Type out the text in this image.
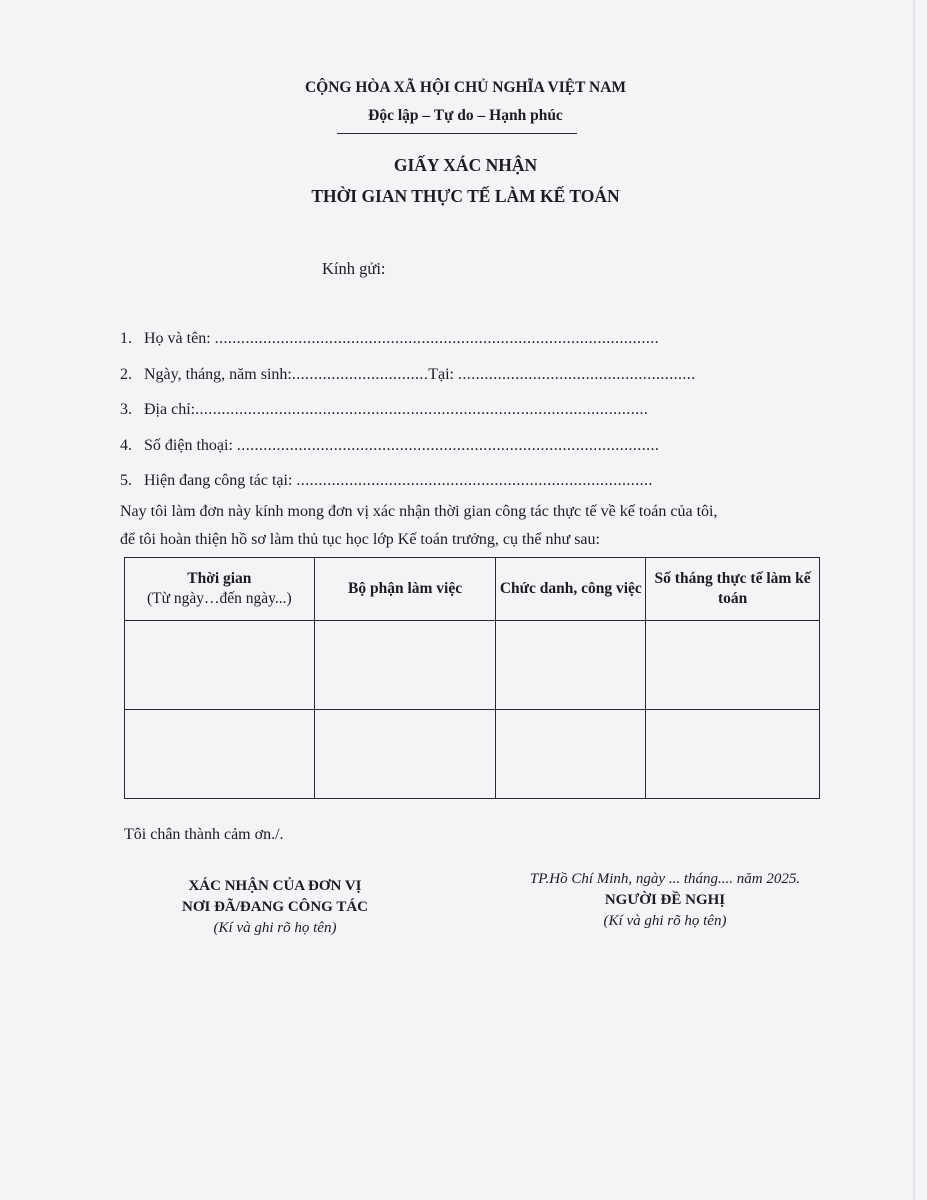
CỘNG HÒA XÃ HỘI CHỦ NGHĨA VIỆT NAM
Độc lập – Tự do – Hạnh phúc
GIẤY XÁC NHẬN
THỜI GIAN THỰC TẾ LÀM KẾ TOÁN
Kính gửi:
1. Họ và tên: .....................................................................................................
2. Ngày, tháng, năm sinh:...............................Tại: ......................................................
3. Địa chỉ:.......................................................................................................
4. Số điện thoại: ................................................................................................
5. Hiện đang công tác tại: .................................................................................
Nay tôi làm đơn này kính mong đơn vị xác nhận thời gian công tác thực tế về kế toán của tôi,
để tôi hoàn thiện hồ sơ làm thủ tục học lớp Kế toán trưởng, cụ thể như sau:
Thời gian
(Từ ngày…đến ngày...)	Bộ phận làm việc	Chức danh, công việc	Số tháng thực tế làm kế toán

Tôi chân thành cảm ơn./.
XÁC NHẬN CỦA ĐƠN VỊ
NƠI ĐÃ/ĐANG CÔNG TÁC
(Kí và ghi rõ họ tên)
TP.Hồ Chí Minh, ngày ... tháng.... năm 2025.
NGƯỜI ĐỀ NGHỊ
(Kí và ghi rõ họ tên)
